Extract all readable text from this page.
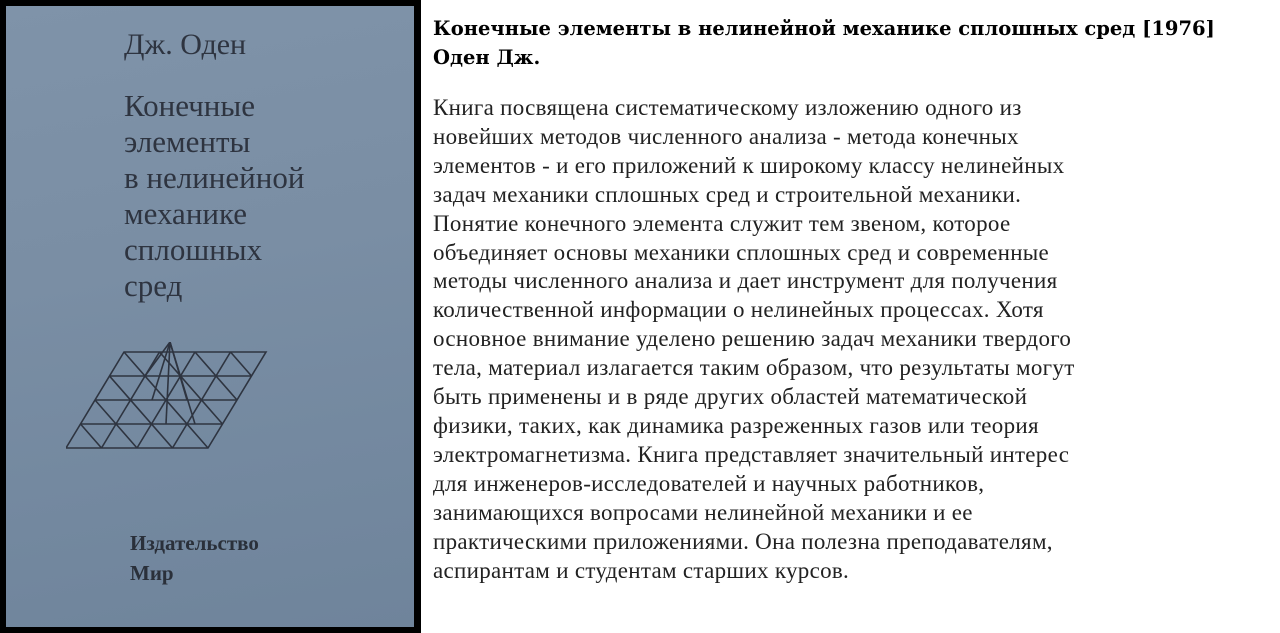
Дж. Оден
Конечные
элементы
в нелинейной
механике
сплошных
сред
Издательство
Мир
Конечные элементы в нелинейной механике сплошных сред [1976] Оден Дж.

Книга посвящена систематическому изложению одного из
новейших методов численного анализа - метода конечных
элементов - и его приложений к широкому классу нелинейных
задач механики сплошных сред и строительной механики.
Понятие конечного элемента служит тем звеном, которое
объединяет основы механики сплошных сред и современные
методы численного анализа и дает инструмент для получения
количественной информации о нелинейных процессах. Хотя
основное внимание уделено решению задач механики твердого
тела, материал излагается таким образом, что результаты могут
быть применены и в ряде других областей математической
физики, таких, как динамика разреженных газов или теория
электромагнетизма. Книга представляет значительный интерес
для инженеров-исследователей и научных работников,
занимающихся вопросами нелинейной механики и ее
практическими приложениями. Она полезна преподавателям,
аспирантам и студентам старших курсов.
